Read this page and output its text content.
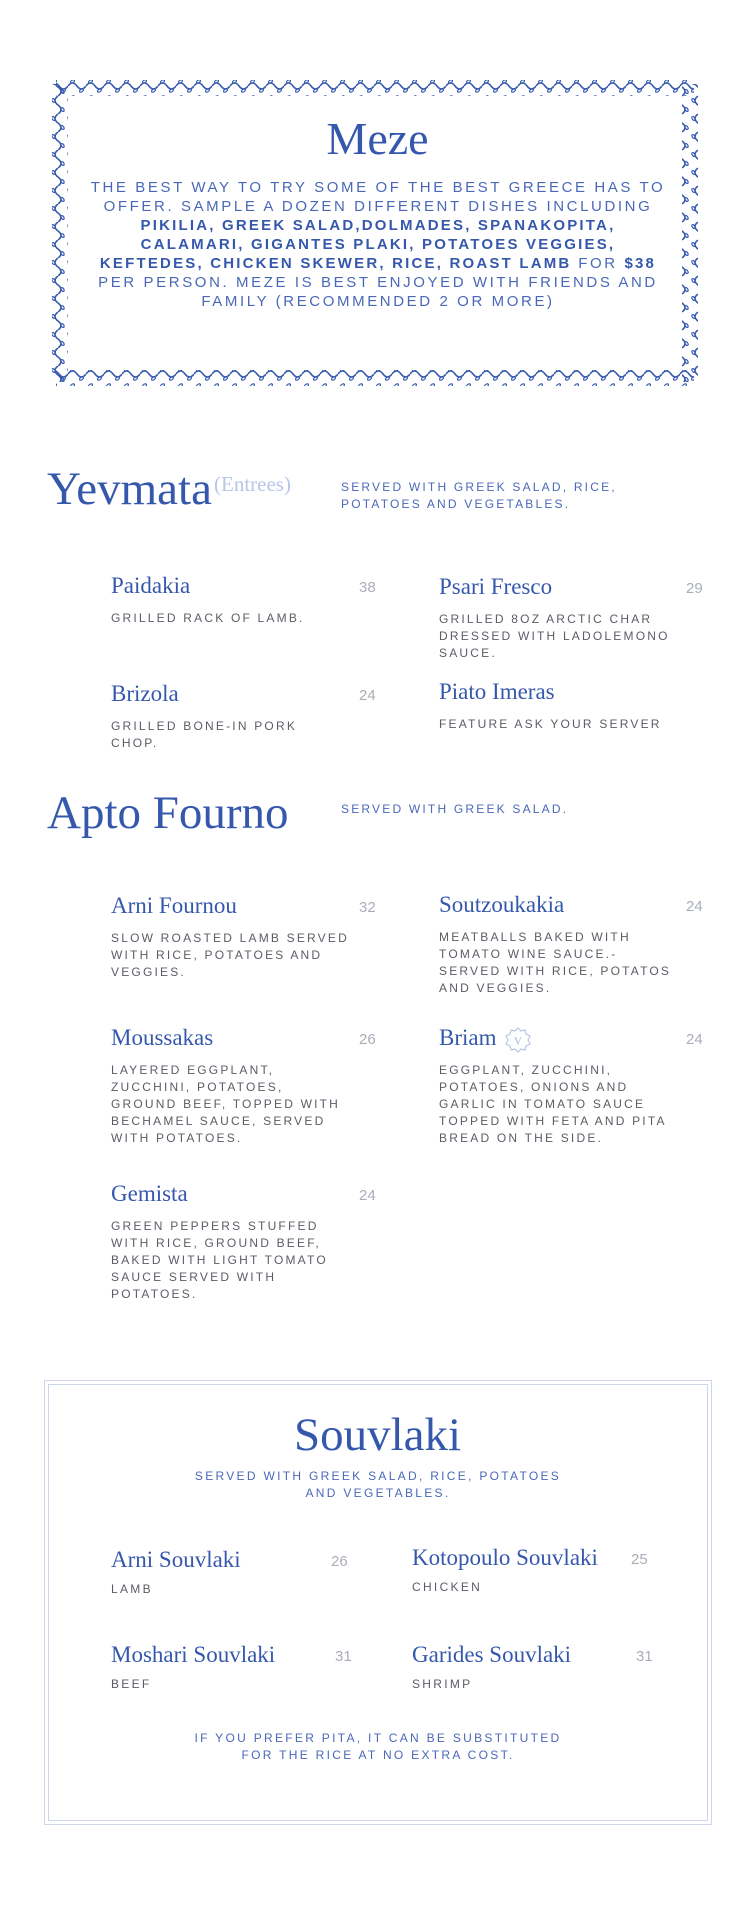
Meze
THE BEST WAY TO TRY SOME OF THE BEST GREECE HAS TO OFFER. SAMPLE A DOZEN DIFFERENT DISHES INCLUDING PIKILIA, GREEK SALAD,DOLMADES, SPANAKOPITA, CALAMARI, GIGANTES PLAKI, POTATOES VEGGIES, KEFTEDES, CHICKEN SKEWER, RICE, ROAST LAMB FOR $38 PER PERSON. MEZE IS BEST ENJOYED WITH FRIENDS AND FAMILY (RECOMMENDED 2 OR MORE)
Yevmata (Entrees)	SERVED WITH GREEK SALAD, RICE, POTATOES AND VEGETABLES.
Paidakia	38
GRILLED RACK OF LAMB.
Psari Fresco	29
GRILLED 8OZ ARCTIC CHAR DRESSED WITH LADOLEMONO SAUCE.
Brizola	24
GRILLED BONE-IN PORK CHOP.
Piato Imeras
FEATURE ASK YOUR SERVER
Apto Fourno	SERVED WITH GREEK SALAD.
Arni Fournou	32
SLOW ROASTED LAMB SERVED WITH RICE, POTATOES AND VEGGIES.
Soutzoukakia	24
MEATBALLS BAKED WITH TOMATO WINE SAUCE.- SERVED WITH RICE, POTATOS AND VEGGIES.
Moussakas	26
LAYERED EGGPLANT, ZUCCHINI, POTATOES, GROUND BEEF, TOPPED WITH BECHAMEL SAUCE, SERVED WITH POTATOES.
Briam V	24
EGGPLANT, ZUCCHINI, POTATOES, ONIONS AND GARLIC IN TOMATO SAUCE TOPPED WITH FETA AND PITA BREAD ON THE SIDE.
Gemista	24
GREEN PEPPERS STUFFED WITH RICE, GROUND BEEF, BAKED WITH LIGHT TOMATO SAUCE SERVED WITH POTATOES.
Souvlaki
SERVED WITH GREEK SALAD, RICE, POTATOES AND VEGETABLES.
Arni Souvlaki	26
LAMB
Kotopoulo Souvlaki 25
CHICKEN
Moshari Souvlaki	31
BEEF
Garides Souvlaki	31
SHRIMP
IF YOU PREFER PITA, IT CAN BE SUBSTITUTED FOR THE RICE AT NO EXTRA COST.
